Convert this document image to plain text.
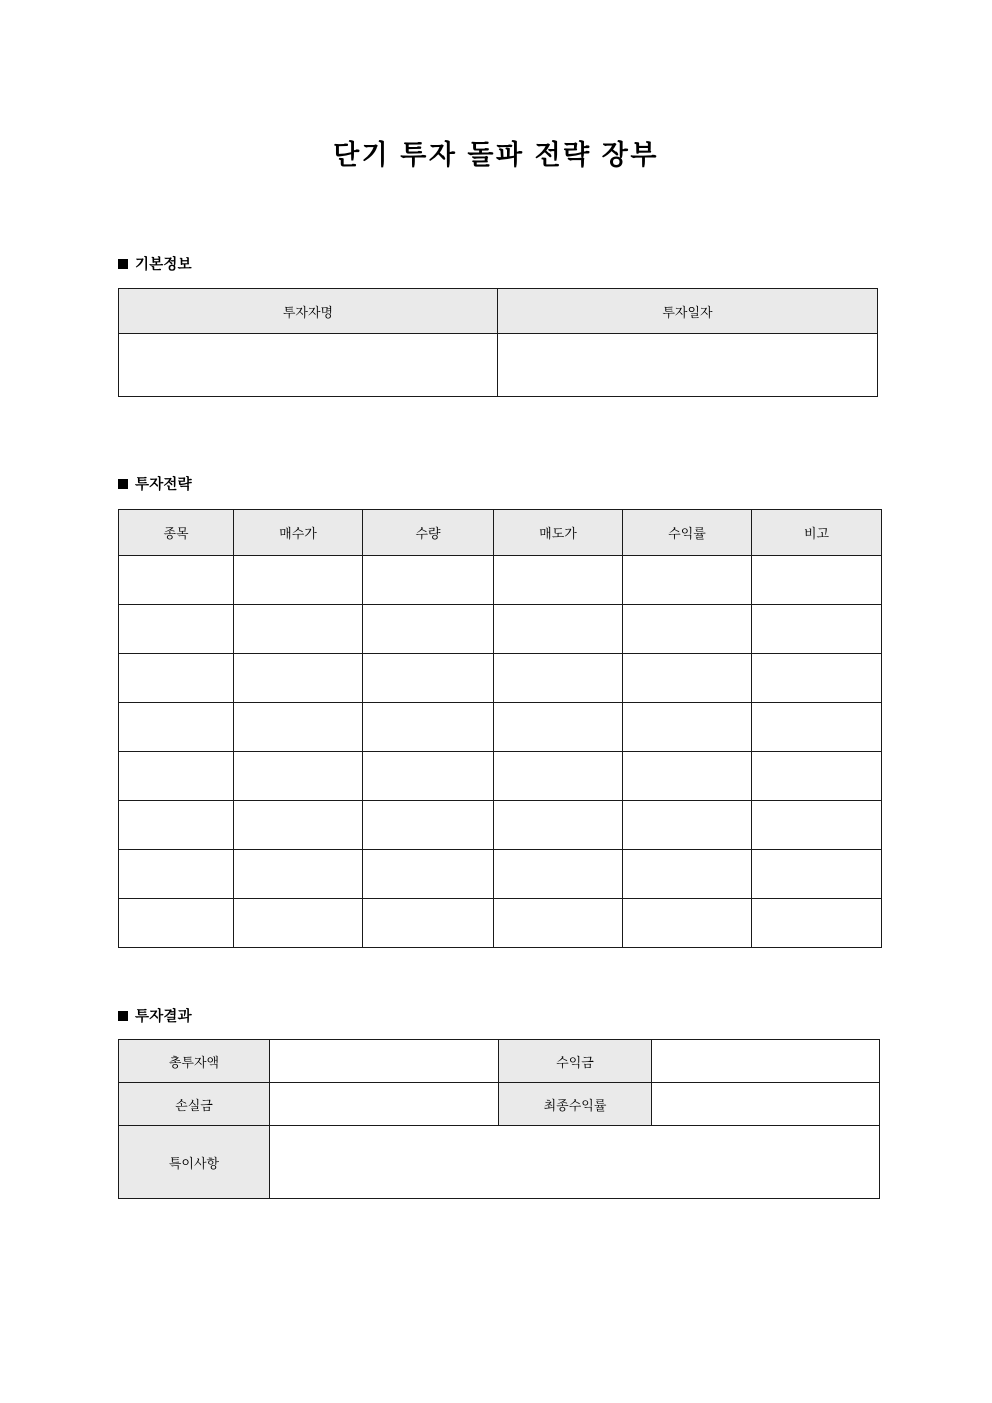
단기 투자 돌파 전략 장부
기본정보
투자자명	투자일자

투자전략
종목	매수가	수량	매도가	수익률	비고

투자결과
총투자액		수익금	
손실금		최종수익률	
특이사항			
